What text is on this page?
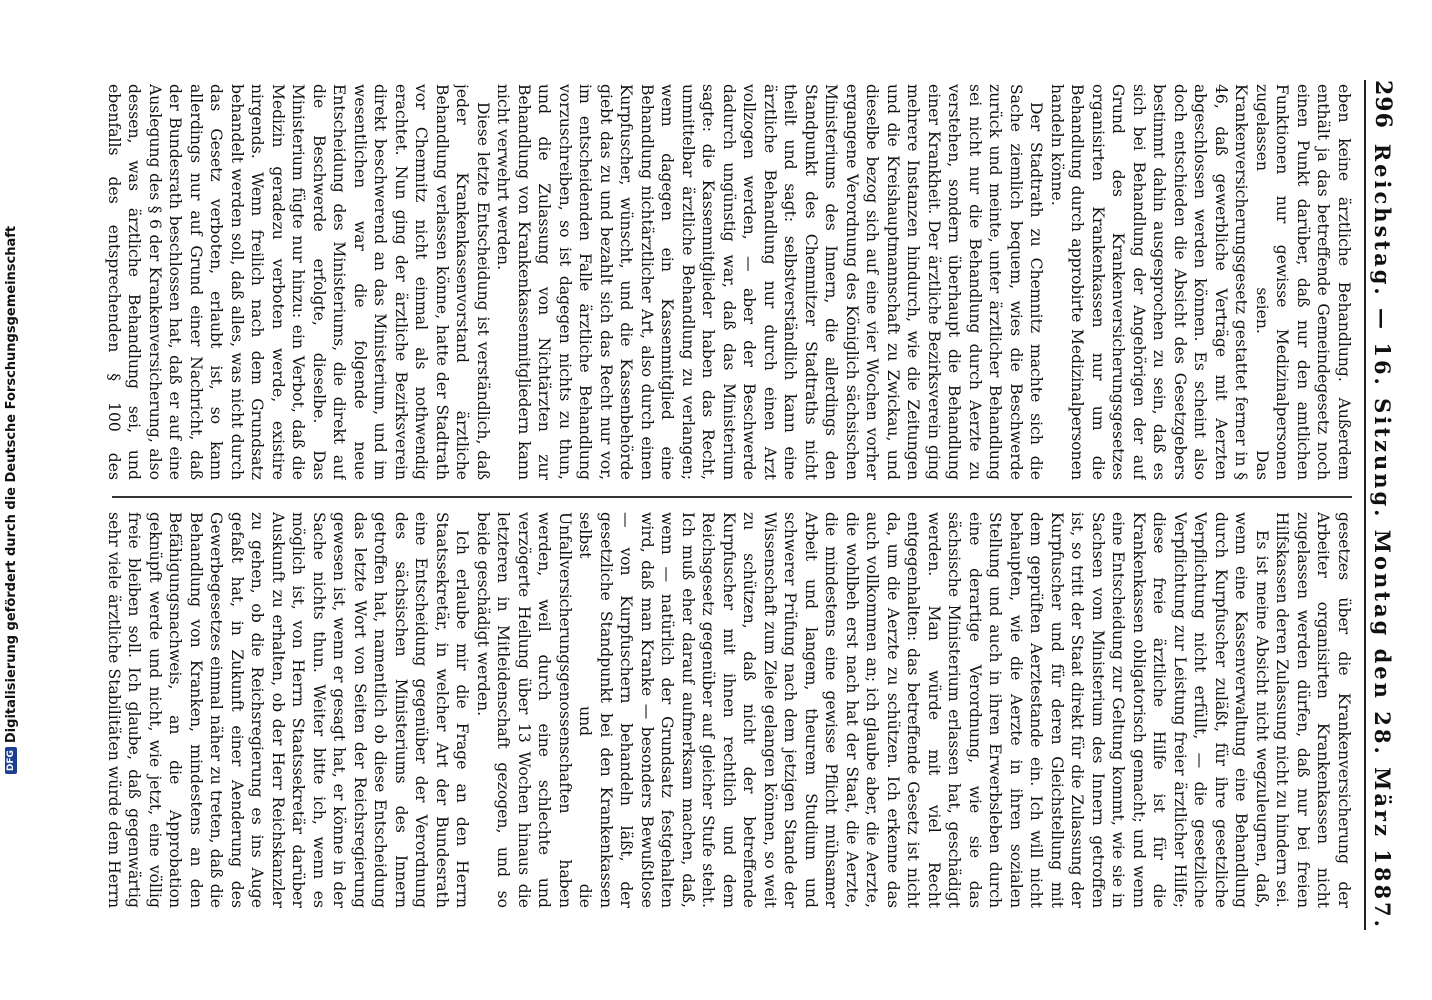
296
Reichstag. — 16. Sitzung. Montag den 28. März 1887.

eben keine ärztliche Behandlung. Außerdem enthält ja das betreffende Gemeindegesetz noch einen Punkt darüber, daß nur den amtlichen Funktionen nur gewisse Medizinalpersonen zugelassen seien. Das Krankenversicherungsgesetz gestattet ferner in § 46, daß gewerbliche Verträge mit Aerzten abgeschlossen werden können. Es scheint also doch entschieden die Absicht des Gesetzgebers bestimmt dahin ausgesprochen zu sein, daß es sich bei Behandlung der Angehörigen der auf Grund des Krankenversicherungsgesetzes organisirten Krankenkassen nur um die Behandlung durch approbirte Medizinalpersonen handeln könne.

Der Stadtrath zu Chemnitz machte sich die Sache ziemlich bequem, wies die Beschwerde zurück und meinte, unter ärztlicher Behandlung sei nicht nur die Behandlung durch Aerzte zu verstehen, sondern überhaupt die Behandlung einer Krankheit. Der ärztliche Bezirksverein ging mehrere Instanzen hindurch, wie die Zeitungen und die Kreishauptmannschaft zu Zwickau, und dieselbe bezog sich auf eine vier Wochen vorher ergangene Verordnung des Königlich sächsischen Ministeriums des Innern, die allerdings den Standpunkt des Chemnitzer Stadtraths nicht theilt und sagt: selbstverständlich kann eine ärztliche Behandlung nur durch einen Arzt vollzogen werden, — aber der Beschwerde dadurch ungünstig war, daß das Ministerium sagte: die Kassenmitglieder haben das Recht, unmittelbar ärztliche Behandlung zu verlangen; wenn dagegen ein Kassenmitglied eine Behandlung nichtärztlicher Art, also durch einen Kurpfuscher, wünscht, und die Kassenbehörde giebt das zu und bezahlt sich das Recht nur vor, im entscheidenden Falle ärztliche Behandlung vorzuschreiben, so ist dagegen nichts zu thun, und die Zulassung von Nichtärzten zur Behandlung von Krankenkassenmitgliedern kann nicht verwehrt werden.

Diese letzte Entscheidung ist verständlich, daß jeder Krankenkassenvorstand ärztliche Behandlung verlassen könne, hatte der Stadtrath vor Chemnitz nicht einmal als nothwendig erachtet. Nun ging der ärztliche Bezirksverein direkt beschwerend an das Ministerium, und im wesentlichen war die folgende neue Entscheidung des Ministeriums, die direkt auf die Beschwerde erfolgte, dieselbe. Das Ministerium fügte nur hinzu: ein Verbot, daß die Medizin geradezu verboten werde, existire nirgends. Wenn freilich nach dem Grundsatz behandelt werden soll, daß alles, was nicht durch das Gesetz verboten, erlaubt ist, so kann allerdings nur auf Grund einer Nachricht, daß der Bundesrath beschlossen hat, daß er auf eine Auslegung des § 6 der Krankenversicherung, also dessen, was ärztliche Behandlung sei, und ebenfalls des entsprechenden § 100 des

gesetzes über die Krankenversicherung der Arbeiter organisirten Krankenkassen nicht zugelassen werden dürfen, daß nur bei freien Hilfskassen deren Zulassung nicht zu hindern sei.

Es ist meine Absicht nicht wegzuleugnen, daß, wenn eine Kassenverwaltung eine Behandlung durch Kurpfuscher zuläßt, für ihre gesetzliche Verpflichtung nicht erfüllt, — die gesetzliche Verpflichtung zur Leistung freier ärztlicher Hilfe; diese freie ärztliche Hilfe ist für die Krankenkassen obligatorisch gemacht; und wenn eine Entscheidung zur Geltung kommt, wie sie in Sachsen vom Ministerium des Innern getroffen ist, so tritt der Staat direkt für die Zulassung der Kurpfuscher und für deren Gleichstellung mit dem geprüften Aerztestande ein. Ich will nicht behaupten, wie die Aerzte in ihren sozialen Stellung und auch in ihren Erwerbsleben durch eine derartige Verordnung, wie sie das sächsische Ministerium erlassen hat, geschädigt werden. Man würde mit viel Recht entgegenhalten: das betreffende Gesetz ist nicht da, um die Aerzte zu schützen. Ich erkenne das auch vollkommen an; ich glaube aber, die Aerzte, die wohlbeh erst nach hat der Staat, die Aerzte, die mindestens eine gewisse Pflicht mühsamer Arbeit und langem, theurem Studium und schwerer Prüfung nach dem jetzigen Stande der Wissenschaft zum Ziele gelangen können, so weit zu schützen, daß nicht der betreffende Kurpfuscher mit ihnen rechtlich und dem Reichsgesetz gegenüber auf gleicher Stufe steht. Ich muß eher darauf aufmerksam machen, daß, wenn — natürlich der Grundsatz festgehalten wird, daß man Kranke — besonders Bewußtlose — von Kurpfuschern behandeln läßt, der gesetzliche Standpunkt bei den Krankenkassen selbst und die Unfallversicherungsgenossenschaften haben werden, weil durch eine schlechte und verzögerte Heilung über 13 Wochen hinaus die letzteren in Mitleidenschaft gezogen, und so beide geschädigt werden.

Ich erlaube mir die Frage an den Herrn Staatssekretär, in welcher Art der Bundesrath eine Entscheidung gegenüber der Verordnung des sächsischen Ministeriums des Innern getroffen hat, namentlich ob diese Entscheidung das letzte Wort von Seiten der Reichsregierung gewesen ist, wenn er gesagt hat, er könne in der Sache nichts thun. Weiter bitte ich, wenn es möglich ist, von Herrn Staatssekretär darüber Auskunft zu erhalten, ob der Herr Reichskanzler zu gehen, ob die Reichsregierung es ins Auge gefaßt hat, in Zukunft einer Aenderung des Gewerbegesetzes einmal näher zu treten, daß die Behandlung von Kranken, mindestens an den Befähigungsnachweis, an die Approbation geknüpft werde und nicht, wie jetzt, eine völlig freie bleiben soll. Ich glaube, daß gegenwärtig sehr viele ärztliche Stabilitäten würde dem Herrn

DFG
Digitalisierung gefördert durch die Deutsche Forschungsgemeinschaft
